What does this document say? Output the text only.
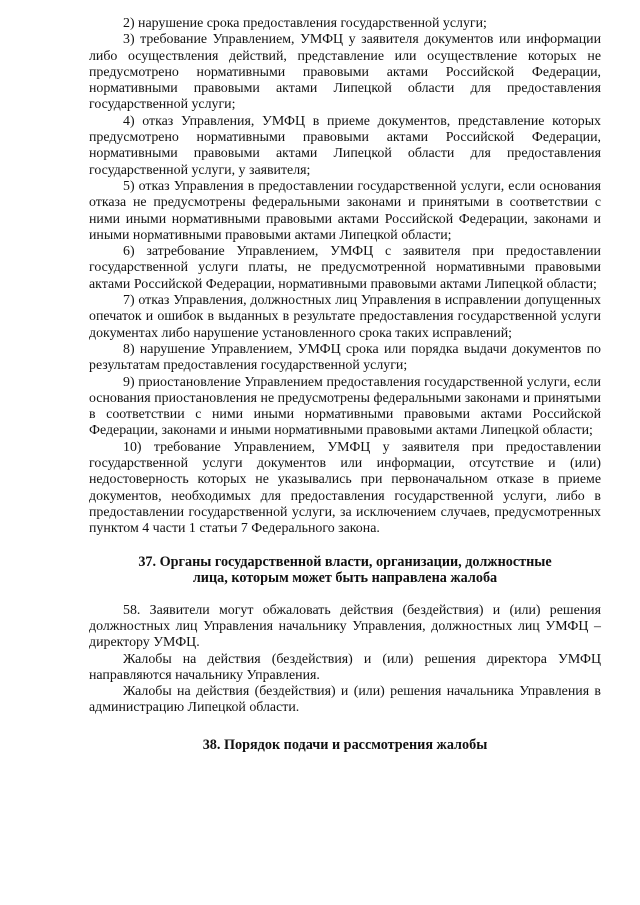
2) нарушение срока предоставления государственной услуги;

3) требование Управлением, УМФЦ у заявителя документов или информации либо осуществления действий, представление или осуществление которых не предусмотрено нормативными правовыми актами Российской Федерации, нормативными правовыми актами Липецкой области для предоставления государственной услуги;

4) отказ Управления, УМФЦ в приеме документов, представление которых предусмотрено нормативными правовыми актами Российской Федерации, нормативными правовыми актами Липецкой области для предоставления государственной услуги, у заявителя;

5) отказ Управления в предоставлении государственной услуги, если основания отказа не предусмотрены федеральными законами и принятыми в соответствии с ними иными нормативными правовыми актами Российской Федерации, законами и иными нормативными правовыми актами Липецкой области;

6) затребование Управлением, УМФЦ с заявителя при предоставлении государственной услуги платы, не предусмотренной нормативными правовыми актами Российской Федерации, нормативными правовыми актами Липецкой области;

7) отказ Управления, должностных лиц Управления в исправлении допущенных опечаток и ошибок в выданных в результате предоставления государственной услуги документах либо нарушение установленного срока таких исправлений;

8) нарушение Управлением, УМФЦ срока или порядка выдачи документов по результатам предоставления государственной услуги;

9) приостановление Управлением предоставления государственной услуги, если основания приостановления не предусмотрены федеральными законами и принятыми в соответствии с ними иными нормативными правовыми актами Российской Федерации, законами и иными нормативными правовыми актами Липецкой области;

10) требование Управлением, УМФЦ у заявителя при предоставлении государственной услуги документов или информации, отсутствие и (или) недостоверность которых не указывались при первоначальном отказе в приеме документов, необходимых для предоставления государственной услуги, либо в предоставлении государственной услуги, за исключением случаев, предусмотренных пунктом 4 части 1 статьи 7 Федерального закона.

37. Органы государственной власти, организации, должностные
лица, которым может быть направлена жалоба

58. Заявители могут обжаловать действия (бездействия) и (или) решения должностных лиц Управления начальнику Управления, должностных лиц УМФЦ – директору УМФЦ.

Жалобы на действия (бездействия) и (или) решения директора УМФЦ направляются начальнику Управления.

Жалобы на действия (бездействия) и (или) решения начальника Управления в администрацию Липецкой области.

38. Порядок подачи и рассмотрения жалобы
